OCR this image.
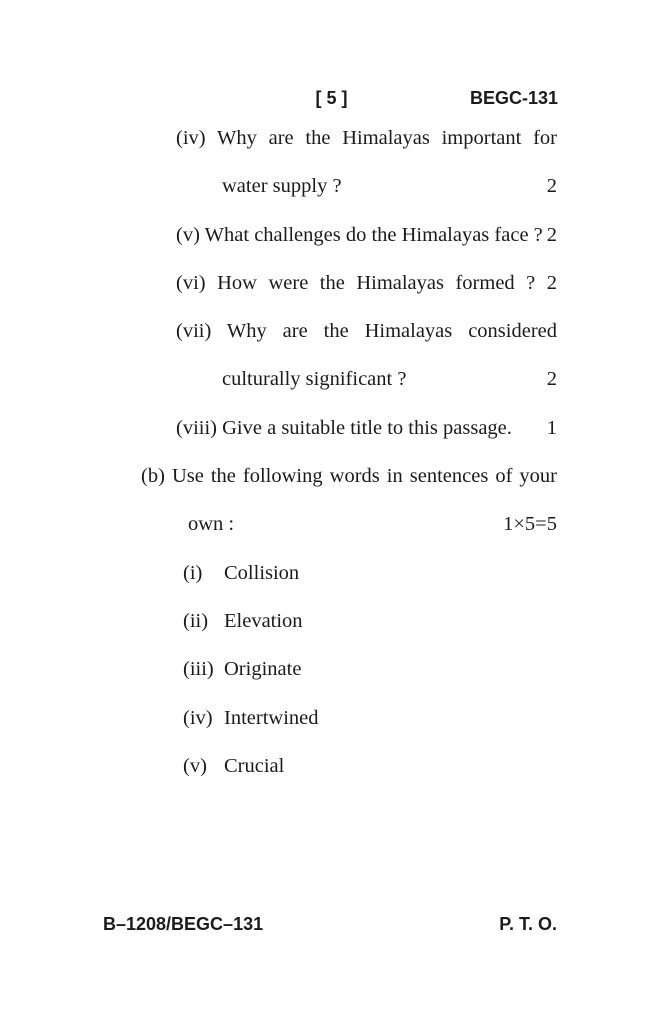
[ 5 ]	BEGC-131

(iv) Why are the Himalayas important for water supply ?	2

(v) What challenges do the Himalayas face ? 2

(vi) How were the Himalayas formed ? 2

(vii) Why are the Himalayas considered culturally significant ?	2

(viii) Give a suitable title to this passage. 1

(b) Use the following words in sentences of your own :	1×5=5

(i) Collision

(ii) Elevation

(iii) Originate

(iv) Intertwined

(v) Crucial

B–1208/BEGC–131	P. T. O.
